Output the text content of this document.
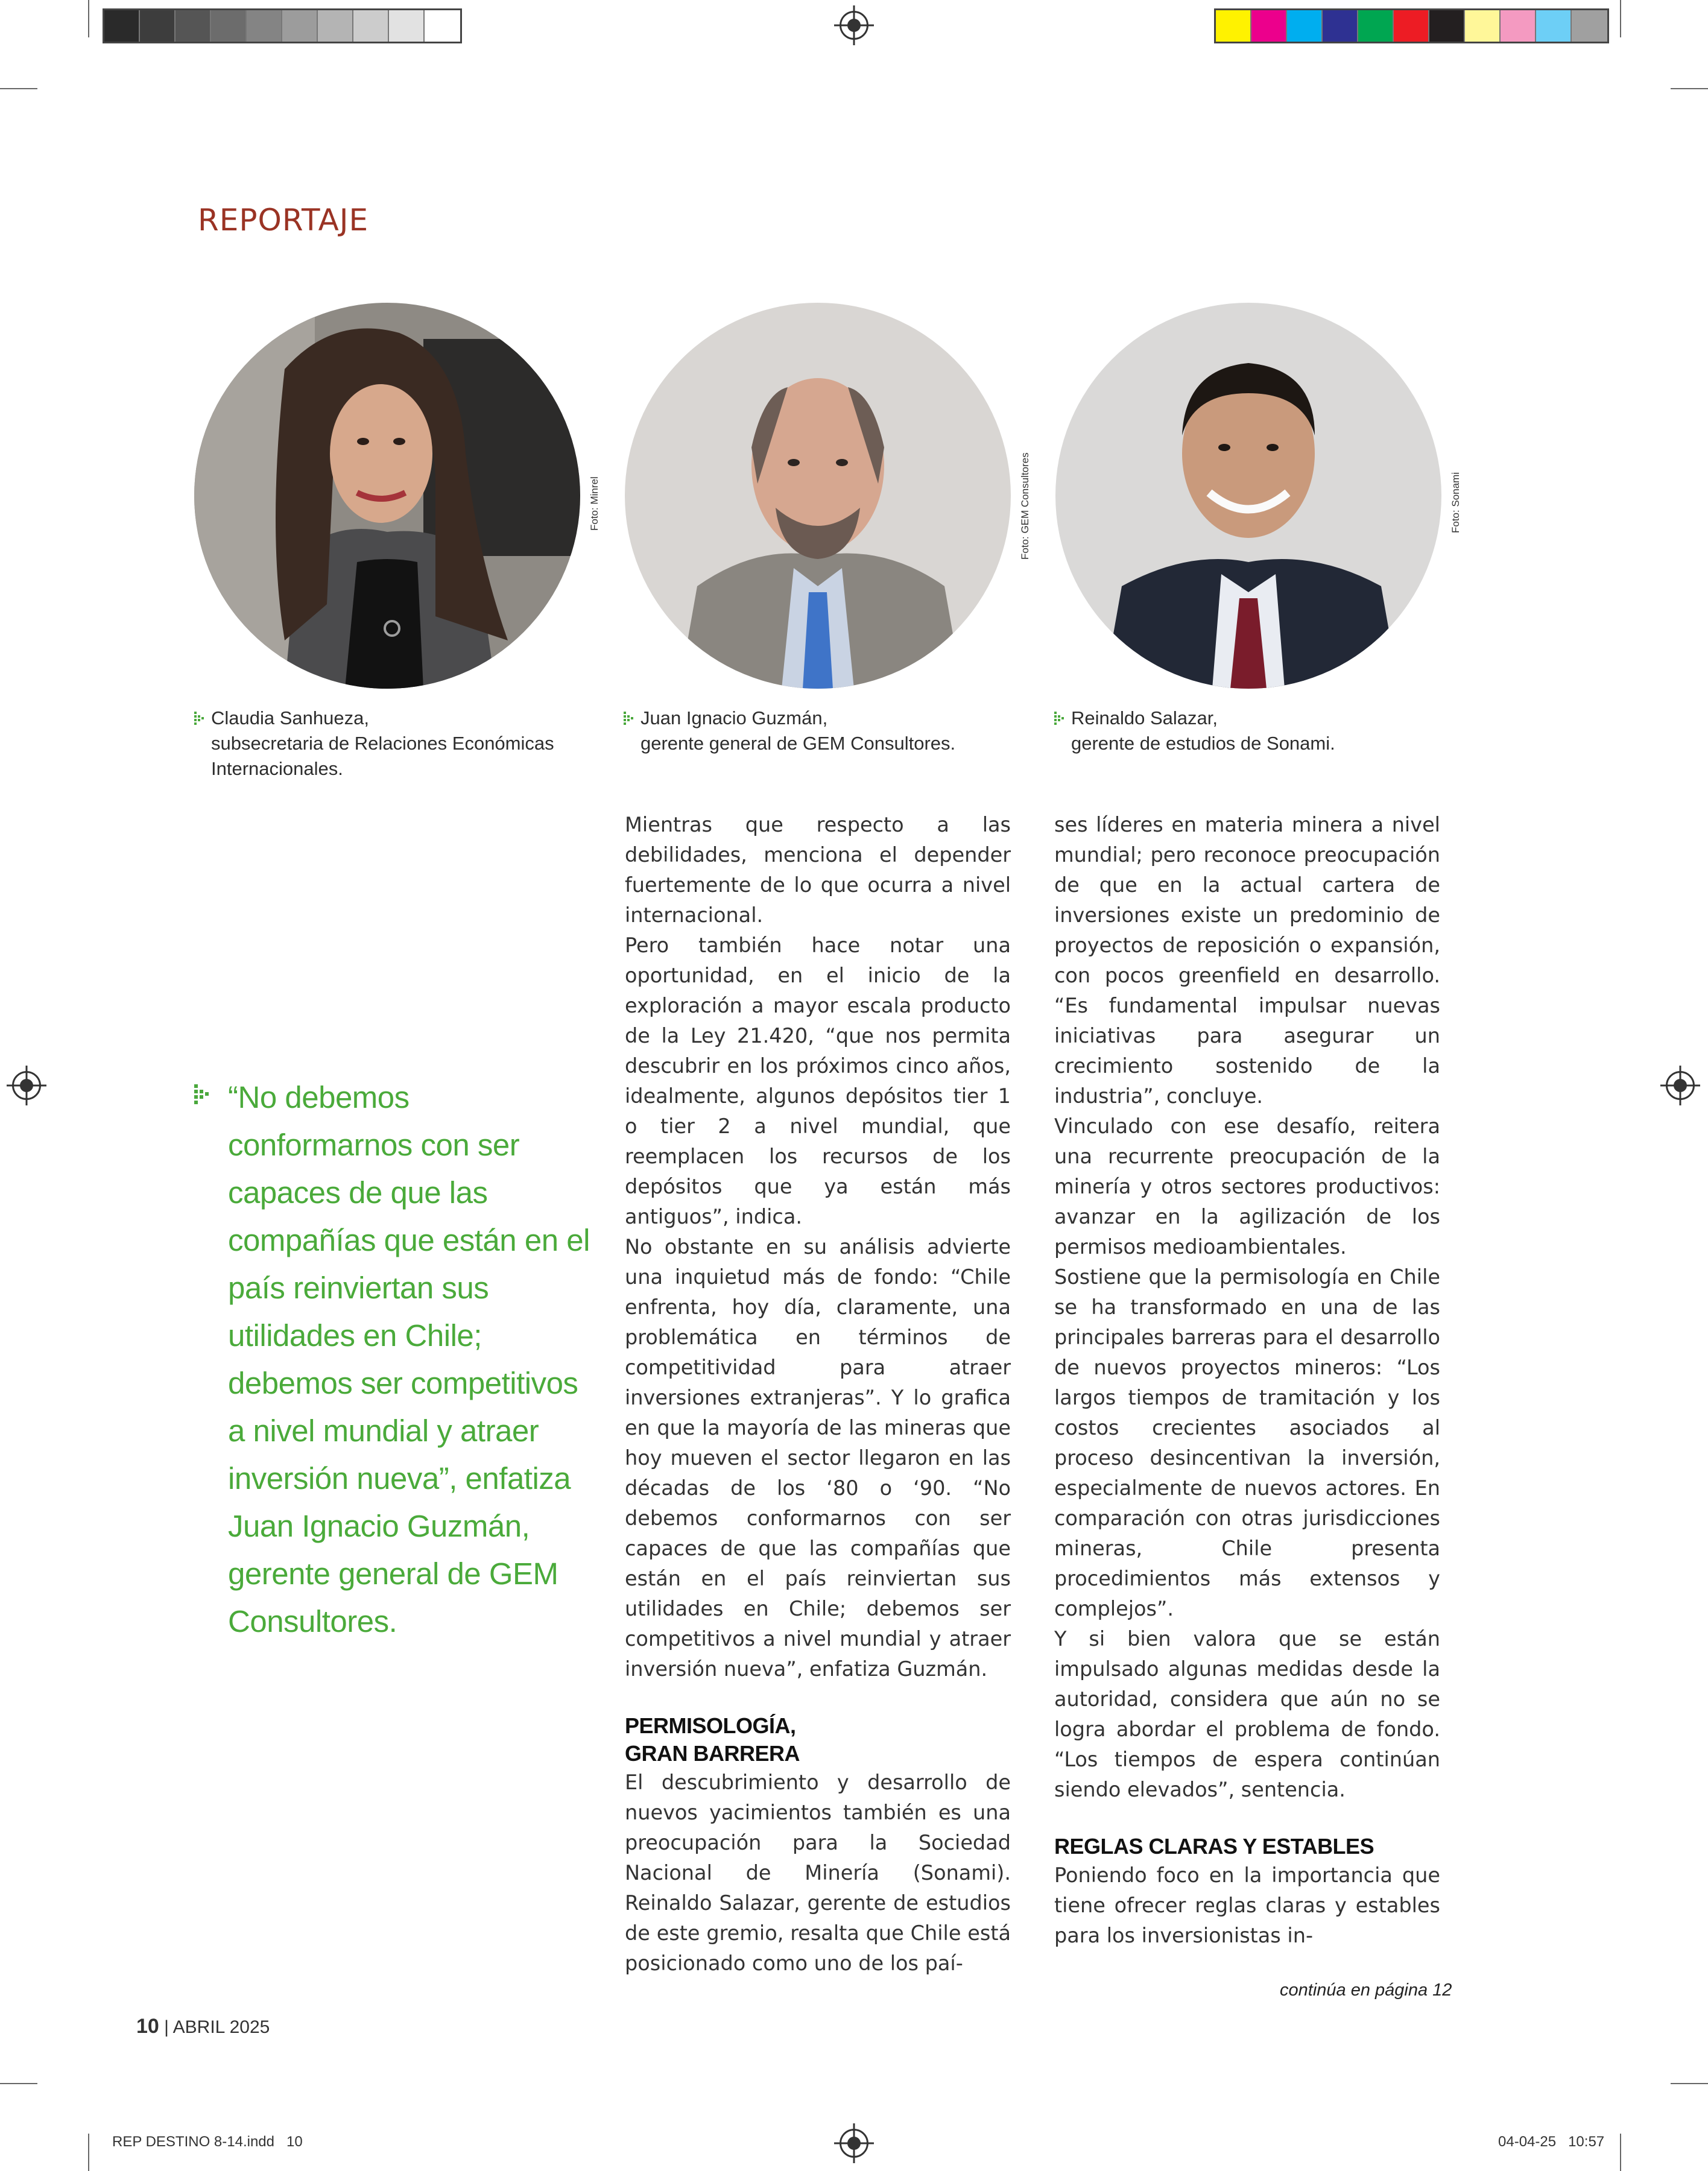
REPORTAJE
Foto: Minrel	Foto: GEM Consultores	Foto: Sonami
Claudia Sanhueza,
subsecretaria de Relaciones Económicas
Internacionales.
Juan Ignacio Guzmán,
gerente general de GEM Consultores.
Reinaldo Salazar,
gerente de estudios de Sonami.
“No debemos conformarnos con ser capaces de que las compañías que están en el país reinviertan sus utilidades en Chile; debemos ser competitivos a nivel mundial y atraer inversión nueva”, enfatiza Juan Ignacio Guzmán, gerente general de GEM Consultores.

Mientras que respecto a las debilidades, menciona el depender fuertemente de lo que ocurra a nivel internacional.

Pero también hace notar una oportunidad, en el inicio de la exploración a mayor escala producto de la Ley 21.420, “que nos permita descubrir en los próximos cinco años, idealmente, algunos depósitos tier 1 o tier 2 a nivel mundial, que reemplacen los recursos de los depósitos que ya están más antiguos”, indica.

No obstante en su análisis advierte una inquietud más de fondo: “Chile enfrenta, hoy día, claramente, una problemática en términos de competitividad para atraer inversiones extranjeras”. Y lo grafica en que la mayoría de las mineras que hoy mueven el sector llegaron en las décadas de los ‘80 o ‘90. “No debemos conformarnos con ser capaces de que las compañías que están en el país reinviertan sus utilidades en Chile; debemos ser competitivos a nivel mundial y atraer inversión nueva”, enfatiza Guzmán.

PERMISOLOGÍA,
GRAN BARRERA

El descubrimiento y desarrollo de nuevos yacimientos también es una preocupación para la Sociedad Nacional de Minería (Sonami). Reinaldo Salazar, gerente de estudios de este gremio, resalta que Chile está posicionado como uno de los paí-

ses líderes en materia minera a nivel mundial; pero reconoce preocupación de que en la actual cartera de inversiones existe un predominio de proyectos de reposición o expansión, con pocos greenfield en desarrollo. “Es fundamental impulsar nuevas iniciativas para asegurar un crecimiento sostenido de la industria”, concluye.

Vinculado con ese desafío, reitera una recurrente preocupación de la minería y otros sectores productivos: avanzar en la agilización de los permisos medioambientales.

Sostiene que la permisología en Chile se ha transformado en una de las principales barreras para el desarrollo de nuevos proyectos mineros: “Los largos tiempos de tramitación y los costos crecientes asociados al proceso desincentivan la inversión, especialmente de nuevos actores. En comparación con otras jurisdicciones mineras, Chile presenta procedimientos más extensos y complejos”.

Y si bien valora que se están impulsado algunas medidas desde la autoridad, considera que aún no se logra abordar el problema de fondo. “Los tiempos de espera continúan siendo elevados”, sentencia.

REGLAS CLARAS Y ESTABLES

Poniendo foco en la importancia que tiene ofrecer reglas claras y estables para los inversionistas in-

continúa en página 12
10 | ABRIL 2025
REP DESTINO 8-14.indd   10	04-04-25   10:57
